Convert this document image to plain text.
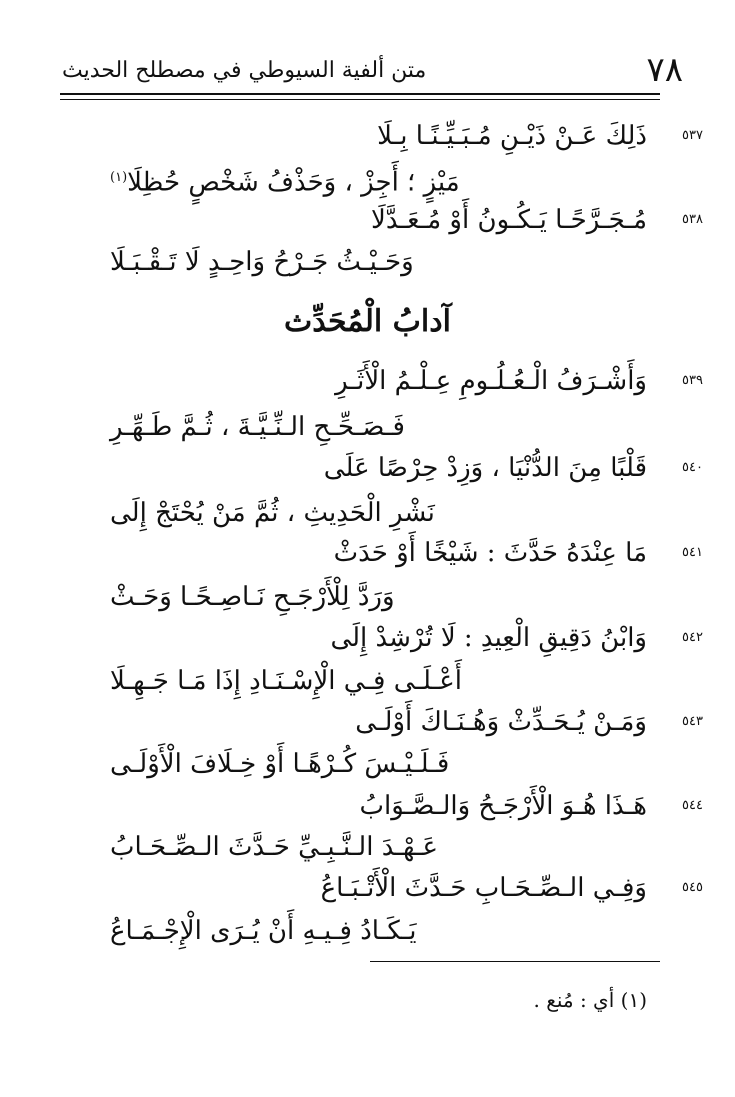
٧٨
متن ألفية السيوطي في مصطلح الحديث
٥٣٧
ذَلِكَ عَـنْ ذَيْـنِ مُـبَـيِّـنًـا بِـلَا
مَيْزٍ ؛ أَجِزْ ، وَحَذْفُ شَخْصٍ حُظِلَا$^{(١)}$
٥٣٨
مُـجَـرَّحًـا يَـكُـونُ أَوْ مُـعَـدَّلَا
وَحَـيْـثُ جَـرْحُ وَاحِـدٍ لَا تَـقْـبَـلَا
آدابُ الْمُحَدِّث
٥٣٩
وَأَشْـرَفُ الْـعُـلُـومِ عِـلْـمُ الْأَثَـرِ
فَـصَـحِّـحِ الـنِّـيَّـةَ ، ثُـمَّ طَـهِّـرِ
٥٤٠
قَلْبًا مِنَ الدُّنْيَا ، وَزِدْ حِرْصًا عَلَى
نَشْرِ الْحَدِيثِ ، ثُمَّ مَنْ يُحْتَجْ إِلَى
٥٤١
مَا عِنْدَهُ حَدَّثَ : شَيْخًا أَوْ حَدَثْ
وَرَدَّ لِلْأَرْجَـحِ نَـاصِـحًـا وَحَـثْ
٥٤٢
وَابْنُ دَقِيقِ الْعِيدِ : لَا تُرْشِدْ إِلَى
أَعْـلَـى فِـي الْإِسْـنَـادِ إِذَا مَـا جَـهِـلَا
٥٤٣
وَمَـنْ يُـحَـدِّثْ وَهُـنَـاكَ أَوْلَـى
فَـلَـيْـسَ كُـرْهًـا أَوْ خِـلَافَ الْأَوْلَـى
٥٤٤
هَـذَا هُـوَ الْأَرْجَـحُ وَالـصَّـوَابُ
عَـهْـدَ الـنَّـبِـيِّ حَـدَّثَ الـصِّـحَـابُ
٥٤٥
وَفِـي الـصِّـحَـابِ حَـدَّثَ الْأَتْـبَـاعُ
يَـكَـادُ فِـيـهِ أَنْ يُـرَى الْإِجْـمَـاعُ
(١) أي : مُنع .
